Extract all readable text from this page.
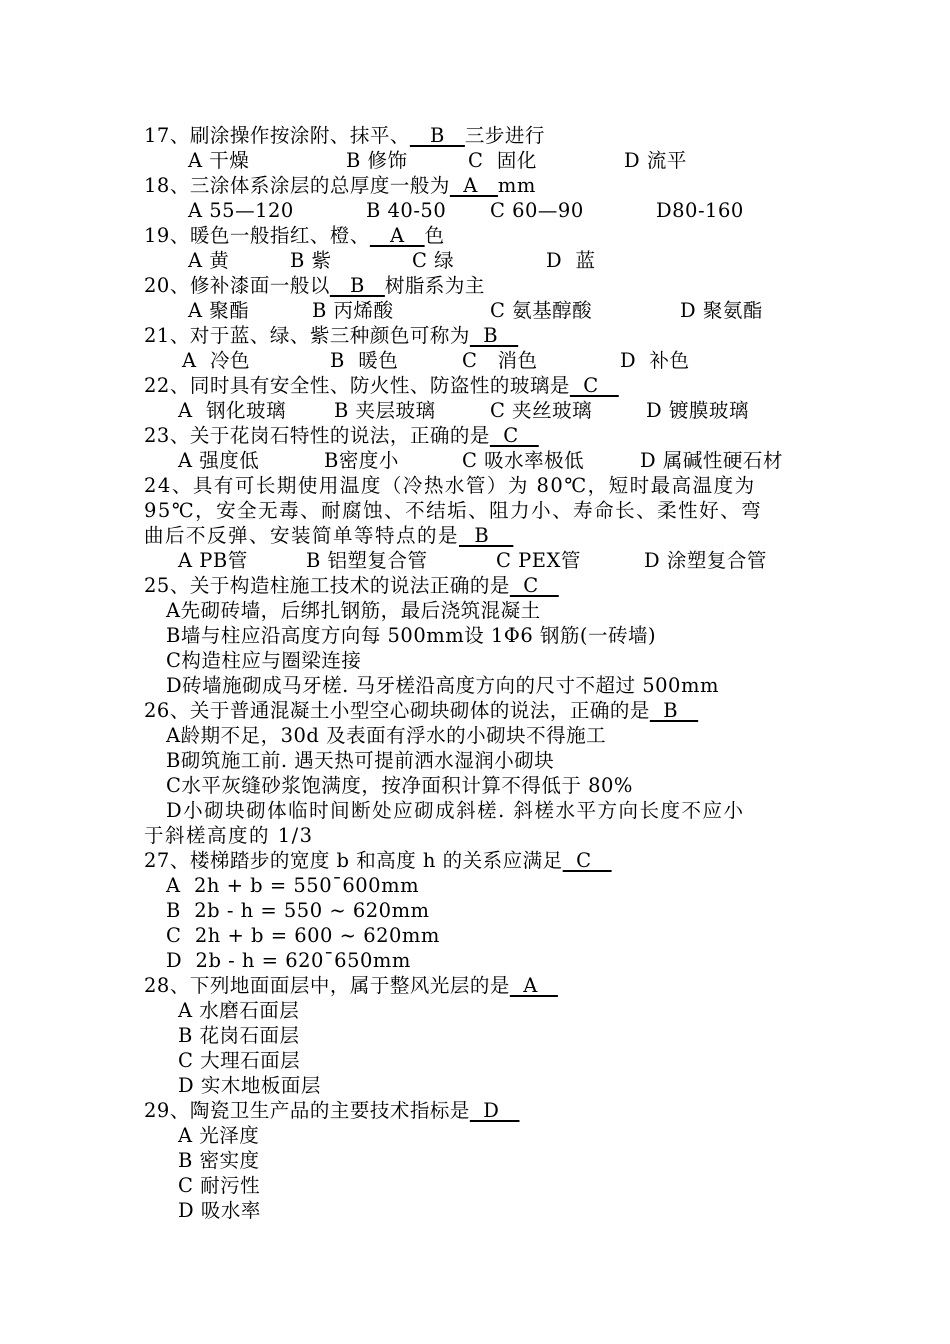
17、刷涂操作按涂附、抹平、   B   三步进行
A 干燥	B 修饰	C  固化	D 流平
18、三涂体系涂层的总厚度一般为  A   mm
A 55—120	B 40-50 C 60—90	D80-160
19、暖色一般指红、橙、   A   色
A 黄	B 紫	C 绿	D  蓝
20、修补漆面一般以   B   树脂系为主
A 聚酯	B 丙烯酸	C 氨基醇酸	D 聚氨酯
21、对于蓝、绿、紫三种颜色可称为  B
A  冷色	B  暖色	C   消色	D  补色
22、同时具有安全性、防火性、防盗性的玻璃是  C
A  钢化玻璃 B 夹层玻璃	C 夹丝玻璃	D 镀膜玻璃
23、关于花岗石特性的说法，正确的是  C
A 强度低	B密度小	C 吸水率极低	D 属碱性硬石材
24、具有可长期使用温度（冷热水管）为 80℃，短时最高温度为
95℃，安全无毒、耐腐蚀、不结垢、阻力小、寿命长、柔性好、弯
曲后不反弹、安装简单等特点的是  B
A PB管	B 铝塑复合管	C PEX管	D 涂塑复合管
25、关于构造柱施工技术的说法正确的是  C
A先砌砖墙，后绑扎钢筋，最后浇筑混凝土
B墙与柱应沿高度方向每 500mm设 1Φ6 钢筋(一砖墙)
C构造柱应与圈梁连接
D砖墙施砌成马牙槎. 马牙槎沿高度方向的尺寸不超过 500mm
26、关于普通混凝土小型空心砌块砌体的说法，正确的是  B
A龄期不足，30d 及表面有浮水的小砌块不得施工
B砌筑施工前. 遇天热可提前洒水湿润小砌块
C水平灰缝砂浆饱满度，按净面积计算不得低于 80%
D小砌块砌体临时间断处应砌成斜槎. 斜槎水平方向长度不应小
于斜槎高度的 1/3
27、楼梯踏步的宽度 b 和高度 h 的关系应满足  C
A  2h + b = 550¯600mm
B  2b - h = 550 ~ 620mm
C  2h + b = 600 ~ 620mm
D  2b - h = 620¯650mm
28、下列地面面层中，属于整风光层的是  A
A 水磨石面层
B 花岗石面层
C 大理石面层
D 实木地板面层
29、陶瓷卫生产品的主要技术指标是  D
A 光泽度
B 密实度
C 耐污性
D 吸水率
